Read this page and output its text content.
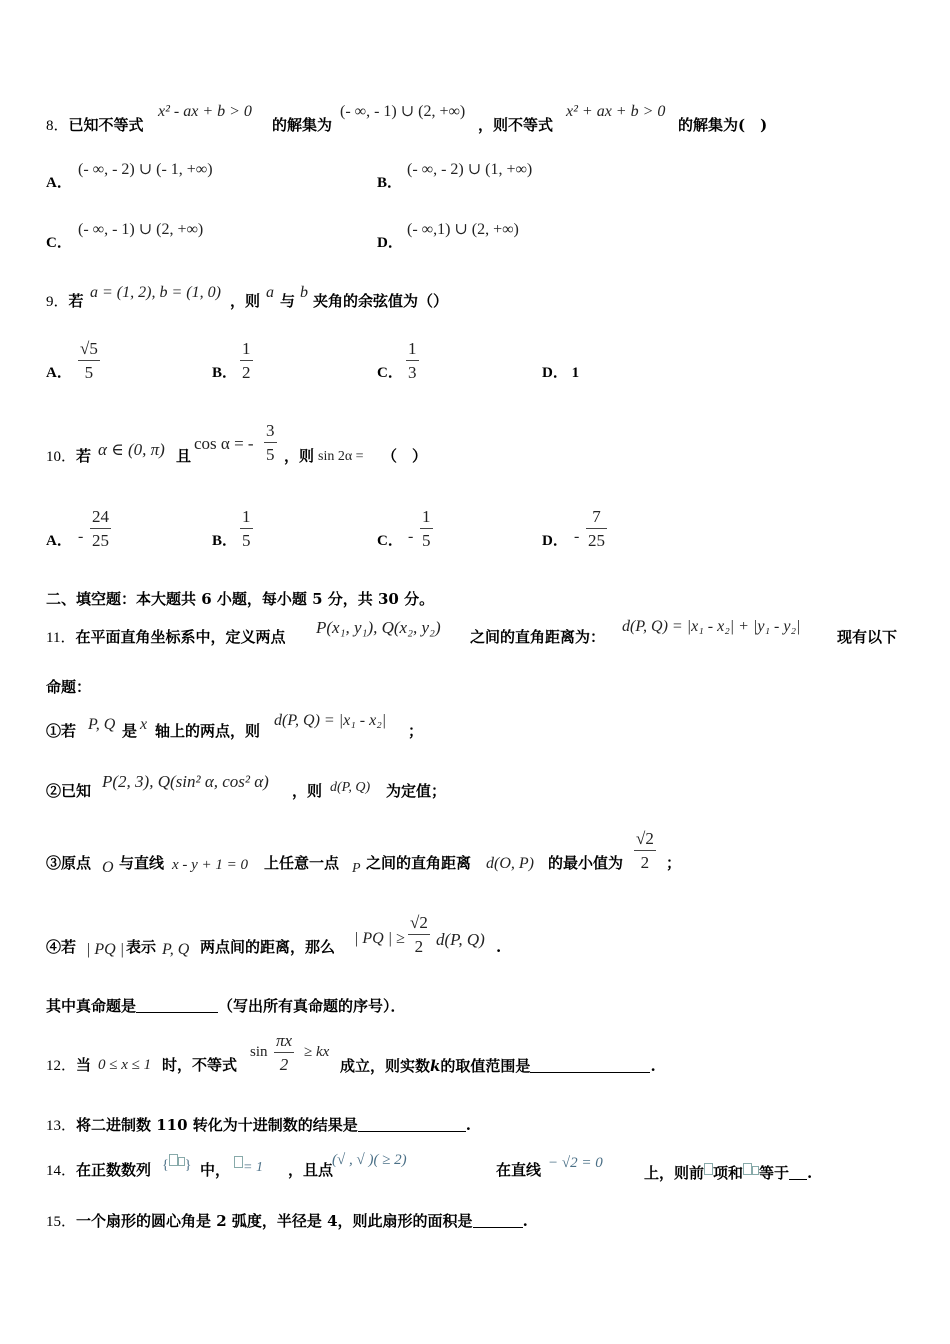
8．已知不等式
x² - ax + b > 0
的解集为
(- ∞, - 1) ∪ (2, +∞)
，则不等式
x² + ax + b > 0
的解集为(　)
A．
(- ∞, - 2) ∪ (- 1, +∞)
B．
(- ∞, - 2) ∪ (1, +∞)
C．
(- ∞, - 1) ∪ (2, +∞)
D．
(- ∞,1) ∪ (2, +∞)
9．若 a = (1, 2), b = (1, 0) ，则 a 与 b 夹角的余弦值为（）
A．
√5
5	B．
1
2	C．
1
3	D． 1
10．若 α ∈ (0, π) 且
cos α = -
3
5 ，则 sin 2α = （　）
A． -
24
25	B．
1
5	C． -
1
5	D． -
7
25
二、填空题：本大题共 6 小题，每小题 5 分，共 30 分。
11．在平面直角坐标系中，定义两点 P(x₁, y₁), Q(x₂, y₂) 之间的直角距离为：
d(P, Q) = |x₁ - x₂| + |y₁ - y₂|
现有以下
命题：
①若 P, Q 是 x 轴上的两点，则
d(P, Q) = |x₁ - x₂|
；
②已知 P(2, 3), Q(sin² α, cos² α) ，则 d(P, Q) 为定值；
③原点 O 与直线 x - y + 1 = 0 上任意一点 P 之间的直角距离 d(O, P) 的最小值为
√2
2 ；
④若 | PQ | 表示 P, Q 两点间的距离，那么 | PQ | ≥
√2
2 d(P, Q) .
其中真命题是	（写出所有真命题的序号）．
12．当 0 ≤ x ≤ 1 时，不等式
sin
πx
2
≥ kx
成立，则实数k的取值范围是	.
13．将二进制数 110 转化为十进制数的结果是	.
14．在正数数列 { } 中， = 1 ，且点
(√ , √ )( ≥ 2)
在直线 − √2 = 0
上，则前 项和 等于 .
15．一个扇形的圆心角是 2 弧度，半径是 4，则此扇形的面积是	.
